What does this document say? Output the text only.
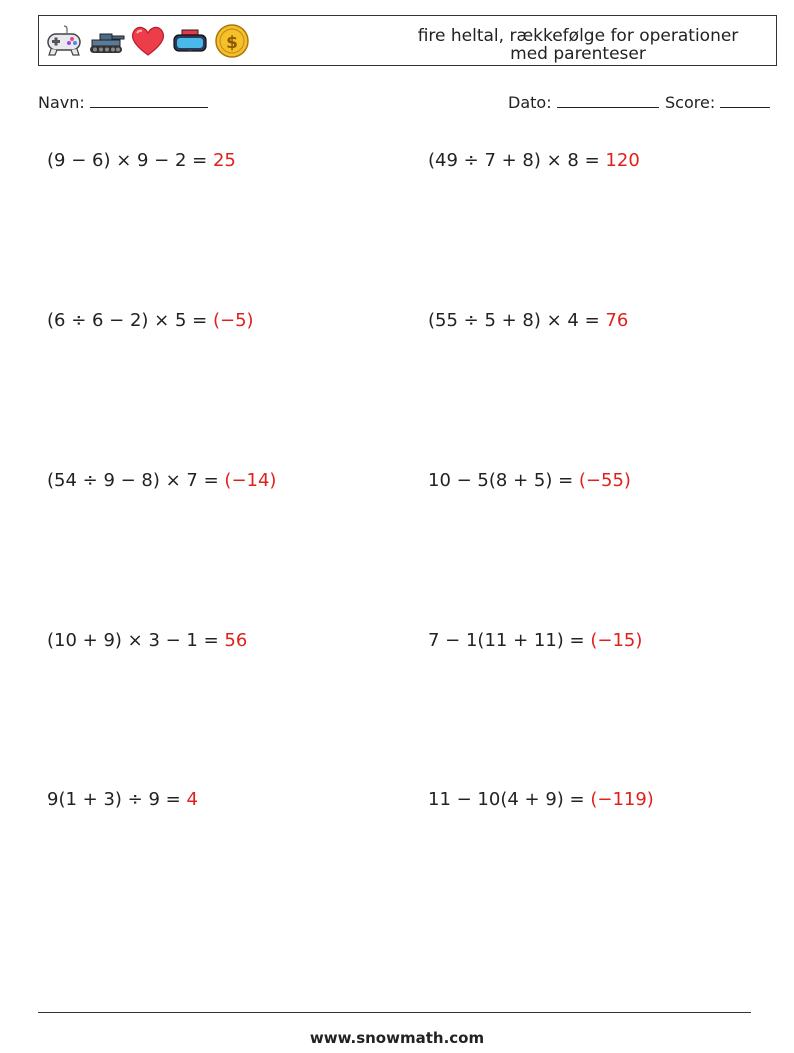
$	fire heltal, rækkefølge for operationer med parenteser
Navn:	Dato:	Score:
(9 − 6) × 9 − 2 = 25	(49 ÷ 7 + 8) × 8 = 120
(6 ÷ 6 − 2) × 5 = (−5)	(55 ÷ 5 + 8) × 4 = 76
(54 ÷ 9 − 8) × 7 = (−14)	10 − 5(8 + 5) = (−55)
(10 + 9) × 3 − 1 = 56	7 − 1(11 + 11) = (−15)
9(1 + 3) ÷ 9 = 4	11 − 10(4 + 9) = (−119)
www.snowmath.com
